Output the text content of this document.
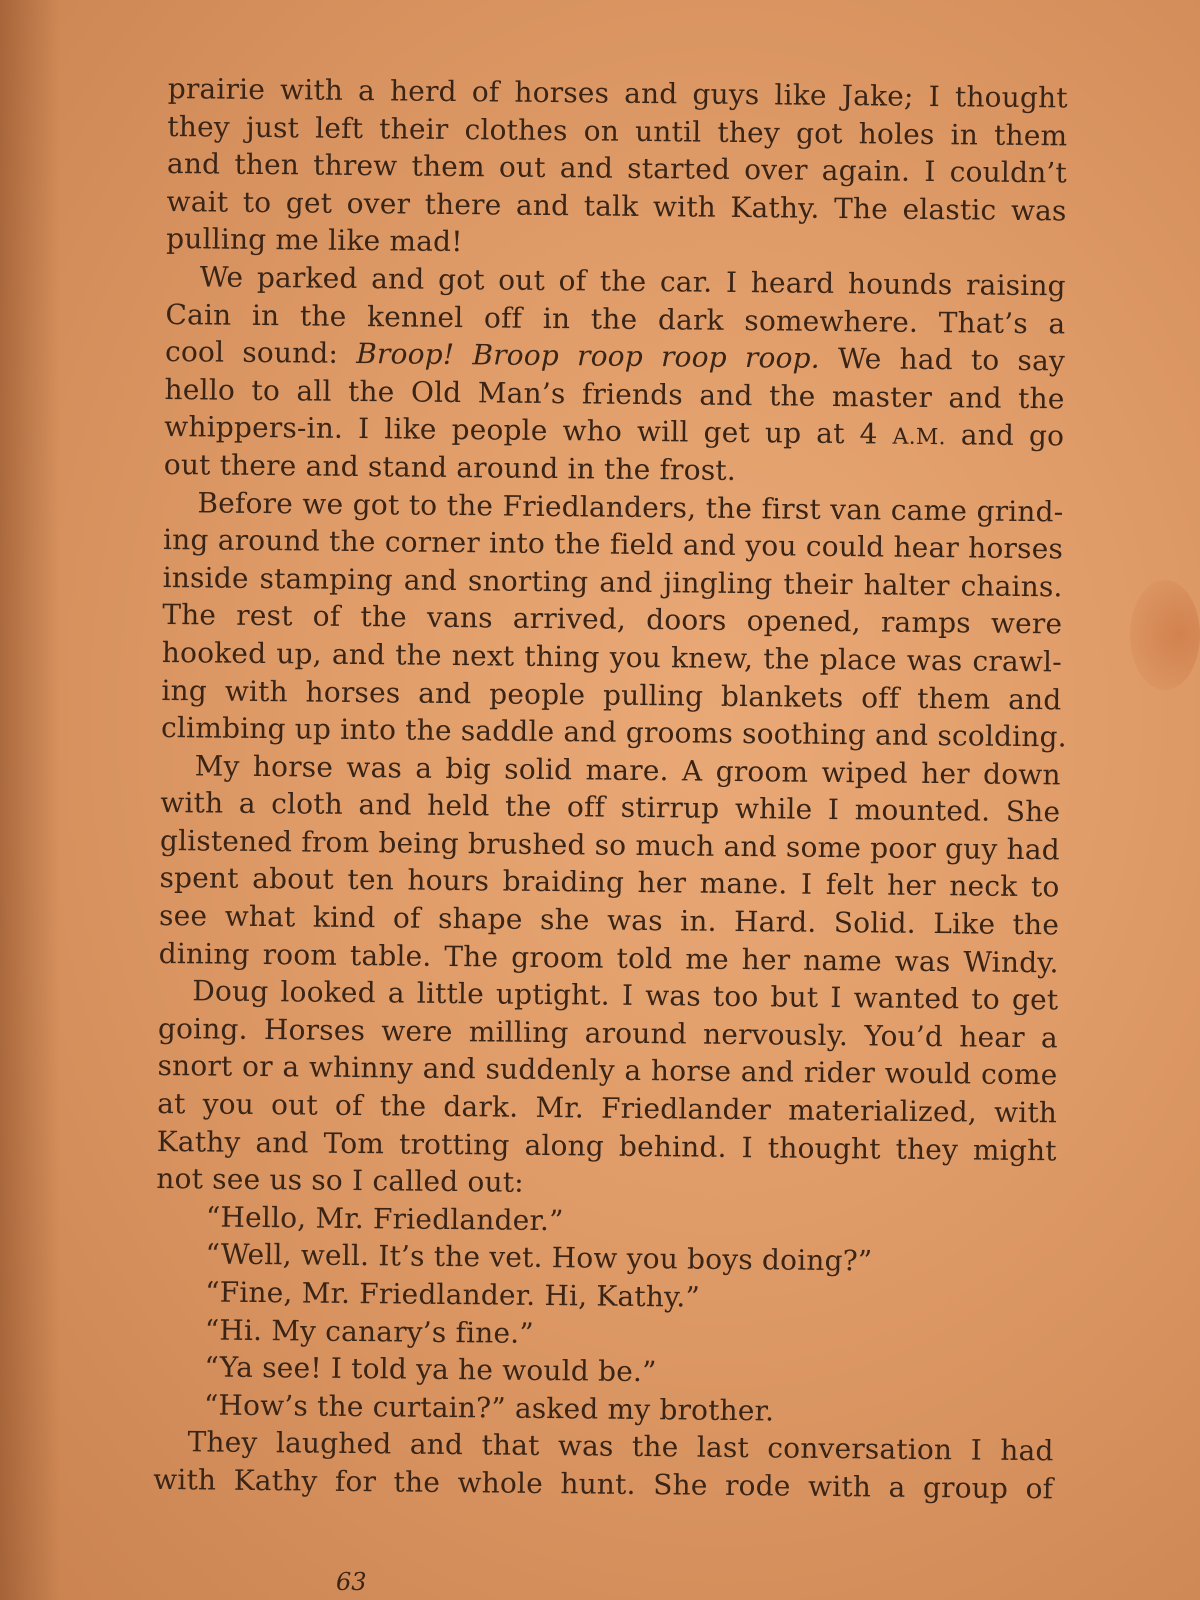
prairie with a herd of horses and guys like Jake; I thought
they just left their clothes on until they got holes in them
and then threw them out and started over again. I couldn’t
wait to get over there and talk with Kathy. The elastic was
pulling me like mad!
We parked and got out of the car. I heard hounds raising
Cain in the kennel off in the dark somewhere. That’s a
cool sound: Broop! Broop roop roop roop. We had to say
hello to all the Old Man’s friends and the master and the
whippers-in. I like people who will get up at 4 A.M. and go
out there and stand around in the frost.
Before we got to the Friedlanders, the first van came grind-
ing around the corner into the field and you could hear horses
inside stamping and snorting and jingling their halter chains.
The rest of the vans arrived, doors opened, ramps were
hooked up, and the next thing you knew, the place was crawl-
ing with horses and people pulling blankets off them and
climbing up into the saddle and grooms soothing and scolding.
My horse was a big solid mare. A groom wiped her down
with a cloth and held the off stirrup while I mounted. She
glistened from being brushed so much and some poor guy had
spent about ten hours braiding her mane. I felt her neck to
see what kind of shape she was in. Hard. Solid. Like the
dining room table. The groom told me her name was Windy.
Doug looked a little uptight. I was too but I wanted to get
going. Horses were milling around nervously. You’d hear a
snort or a whinny and suddenly a horse and rider would come
at you out of the dark. Mr. Friedlander materialized, with
Kathy and Tom trotting along behind. I thought they might
not see us so I called out:
“Hello, Mr. Friedlander.”
“Well, well. It’s the vet. How you boys doing?”
“Fine, Mr. Friedlander. Hi, Kathy.”
“Hi. My canary’s fine.”
“Ya see! I told ya he would be.”
“How’s the curtain?” asked my brother.
They laughed and that was the last conversation I had
with Kathy for the whole hunt. She rode with a group of
63
